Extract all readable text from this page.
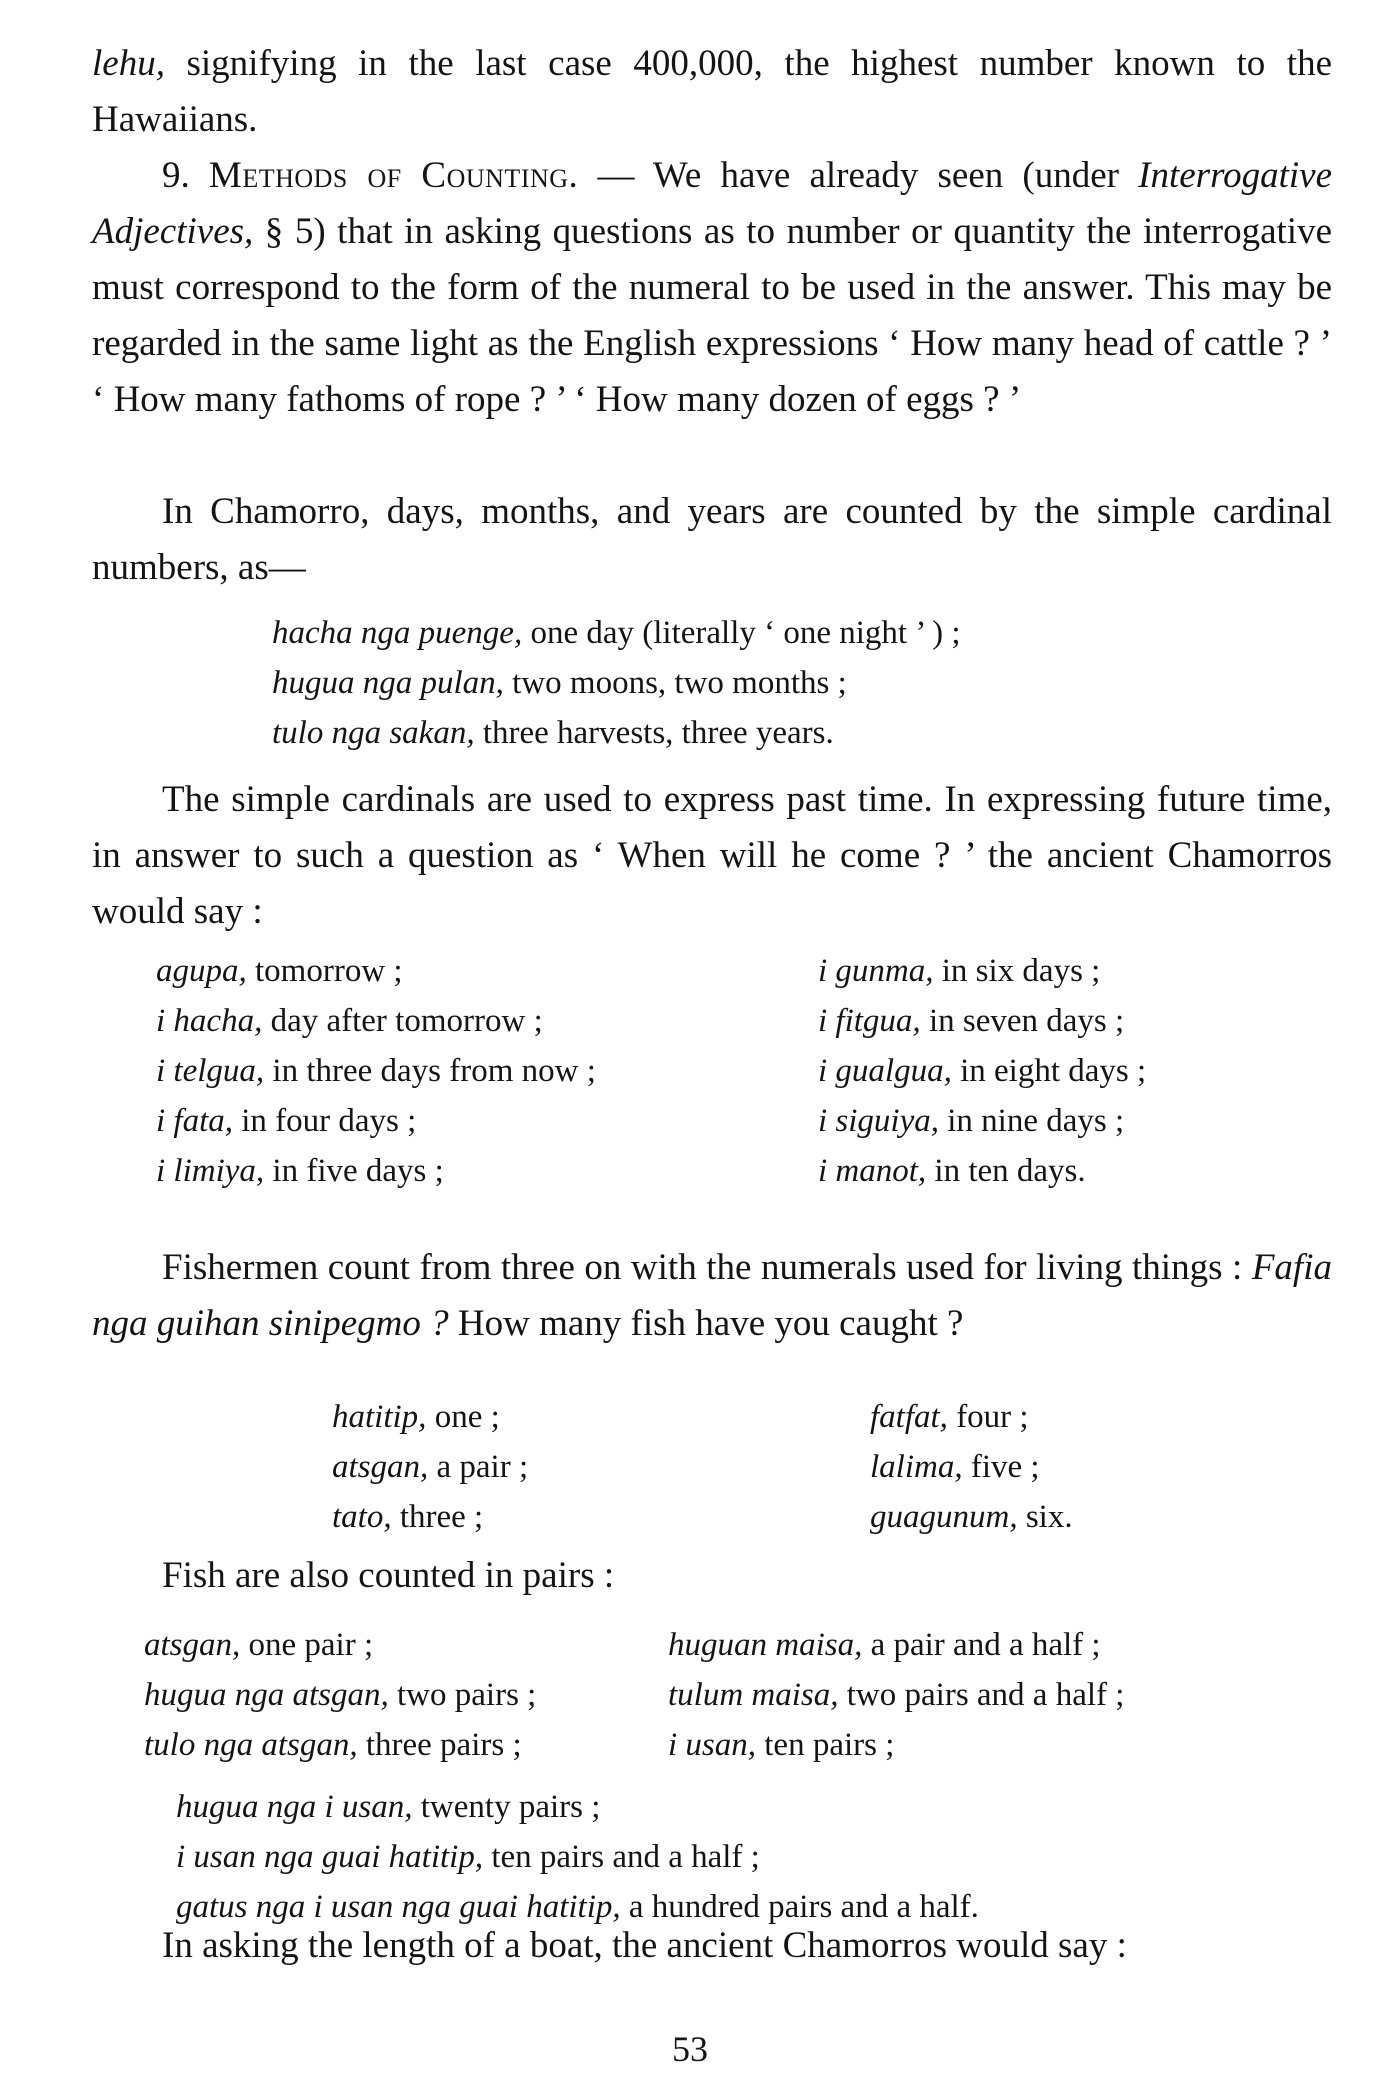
lehu, signifying in the last case 400,000, the highest number known to the Hawaiians.

9. Methods of Counting. — We have already seen (under Interrogative Adjectives, § 5) that in asking questions as to number or quantity the interrogative must correspond to the form of the numeral to be used in the answer. This may be regarded in the same light as the English expressions ‘ How many head of cattle ? ’ ‘ How many fathoms of rope ? ’ ‘ How many dozen of eggs ? ’

In Chamorro, days, months, and years are counted by the simple cardinal numbers, as—

hacha nga puenge, one day (literally ‘ one night ’ ) ;
hugua nga pulan, two moons, two months ;
tulo nga sakan, three harvests, three years.

The simple cardinals are used to express past time. In expressing future time, in answer to such a question as ‘ When will he come ? ’ the ancient Chamorros would say :

agupa, tomorrow ;
i hacha, day after tomorrow ;
i telgua, in three days from now ;
i fata, in four days ;
i limiya, in five days ;
i gunma, in six days ;
i fitgua, in seven days ;
i gualgua, in eight days ;
i siguiya, in nine days ;
i manot, in ten days.

Fishermen count from three on with the numerals used for living things : Fafia nga guihan sinipegmo ? How many fish have you caught ?

hatitip, one ;
atsgan, a pair ;
tato, three ;
fatfat, four ;
lalima, five ;
guagunum, six.

Fish are also counted in pairs :

atsgan, one pair ;
hugua nga atsgan, two pairs ;
tulo nga atsgan, three pairs ;
huguan maisa, a pair and a half ;
tulum maisa, two pairs and a half ;
i usan, ten pairs ;
hugua nga i usan, twenty pairs ;
i usan nga guai hatitip, ten pairs and a half ;
gatus nga i usan nga guai hatitip, a hundred pairs and a half.

In asking the length of a boat, the ancient Chamorros would say :

53
